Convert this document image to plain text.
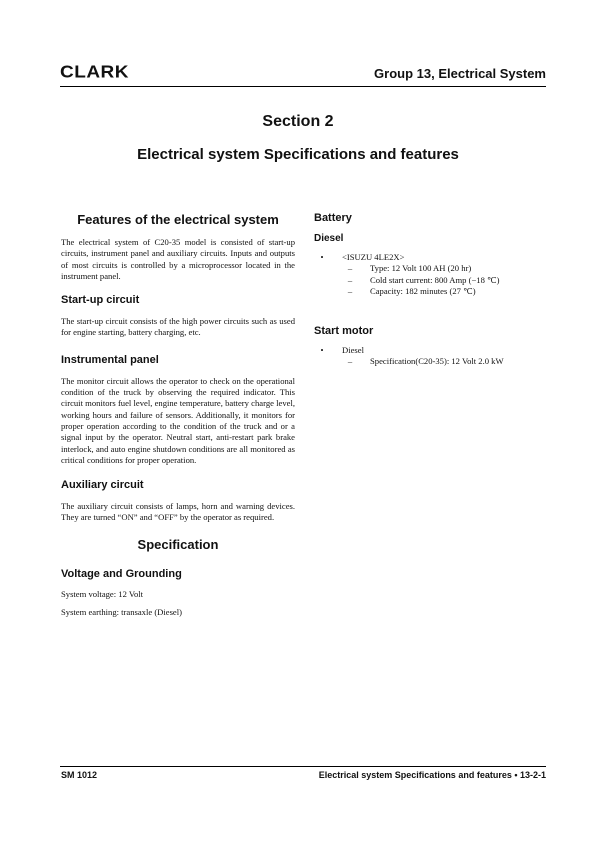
CLARK	Group 13, Electrical System
Section 2
Electrical system Specifications and features
Features of the electrical system

The electrical system of C20-35 model is consisted of start-up circuits, instrument panel and auxiliary circuits. Inputs and outputs of most circuits is controlled by a microprocessor located in the instrument panel.

Start-up circuit

The start-up circuit consists of the high power circuits such as used for engine starting, battery charging, etc.

Instrumental panel

The monitor circuit allows the operator to check on the operational condition of the truck by observing the required indicator. This circuit monitors fuel level, engine temperature, battery charge level, working hours and failure of sensors. Additionally, it monitors for proper operation according to the condition of the truck and or a signal input by the operator. Neutral start, anti-restart park brake interlock, and auto engine shutdown conditions are all monitored as critical conditions for proper operation.

Auxiliary circuit

The auxiliary circuit consists of lamps, horn and warning devices. They are turned “ON” and “OFF” by the operator as required.

Specification
Voltage and Grounding

System voltage: 12 Volt

System earthing: transaxle (Diesel)

Battery
Diesel
•	<ISUZU 4LE2X>
–	Type: 12 Volt 100 AH (20 hr)
–	Cold start current: 800 Amp (−18 ℃)
–	Capacity: 182 minutes (27 ℃)
Start motor
•	Diesel
–	Specification(C20-35): 12 Volt 2.0 kW
SM 1012	Electrical system Specifications and features • 13-2-1
